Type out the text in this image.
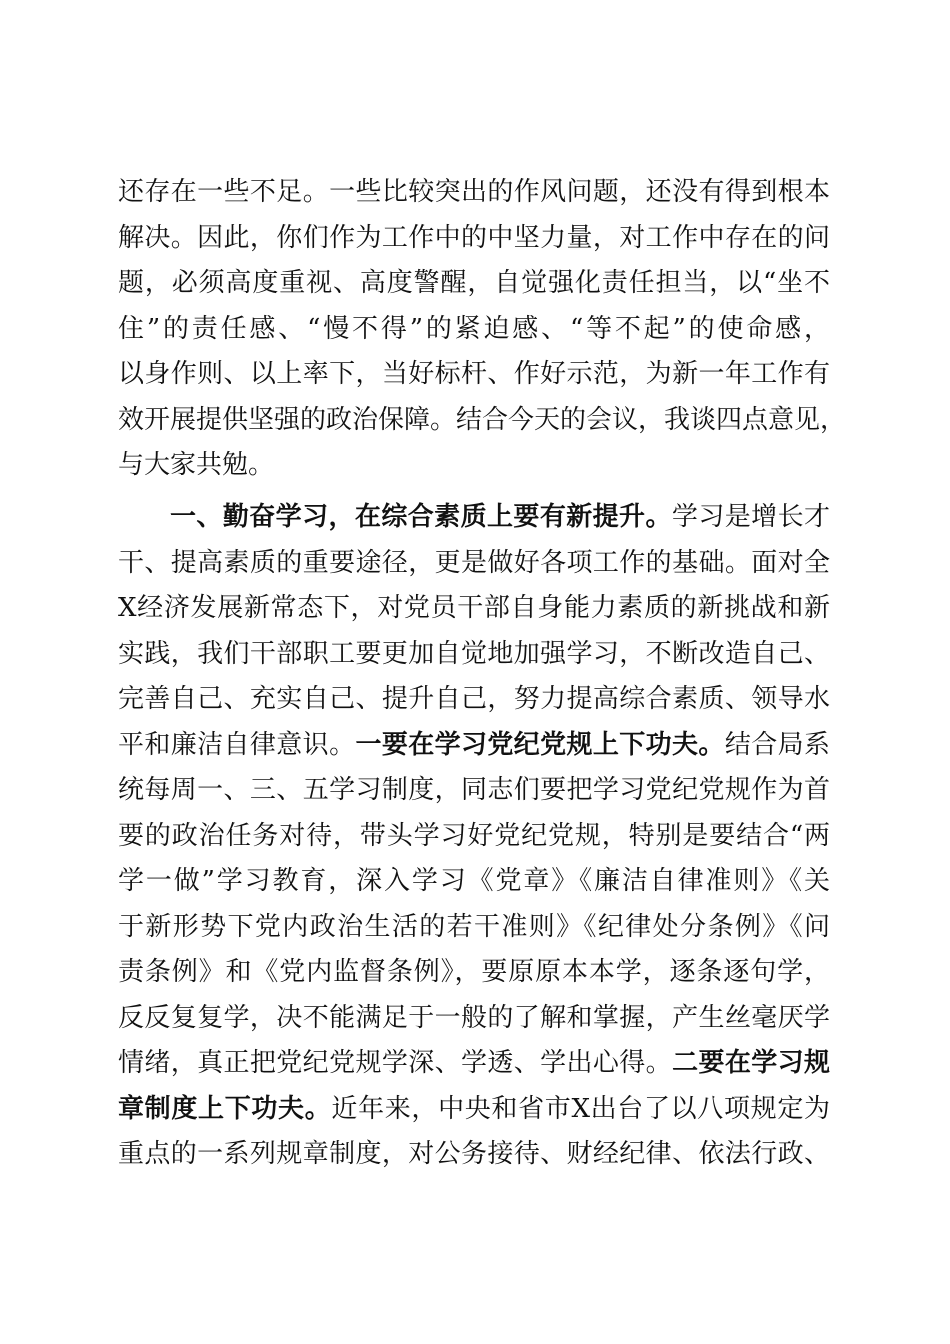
还存在一些不足。一些比较突出的作风问题，还没有得到根本
解决。因此，你们作为工作中的中坚力量，对工作中存在的问
题，必须高度重视、高度警醒，自觉强化责任担当，以“坐不
住”的责任感、“慢不得”的紧迫感、“等不起”的使命感，
以身作则、以上率下，当好标杆、作好示范，为新一年工作有
效开展提供坚强的政治保障。结合今天的会议，我谈四点意见，
与大家共勉。
一、勤奋学习，在综合素质上要有新提升。学习是增长才
干、提高素质的重要途径，更是做好各项工作的基础。面对全
X经济发展新常态下，对党员干部自身能力素质的新挑战和新
实践，我们干部职工要更加自觉地加强学习，不断改造自己、
完善自己、充实自己、提升自己，努力提高综合素质、领导水
平和廉洁自律意识。一要在学习党纪党规上下功夫。结合局系
统每周一、三、五学习制度，同志们要把学习党纪党规作为首
要的政治任务对待，带头学习好党纪党规，特别是要结合“两
学一做”学习教育，深入学习《党章》《廉洁自律准则》《关
于新形势下党内政治生活的若干准则》《纪律处分条例》《问
责条例》和《党内监督条例》，要原原本本学，逐条逐句学，
反反复复学，决不能满足于一般的了解和掌握，产生丝毫厌学
情绪，真正把党纪党规学深、学透、学出心得。二要在学习规
章制度上下功夫。近年来，中央和省市X出台了以八项规定为
重点的一系列规章制度，对公务接待、财经纪律、依法行政、
